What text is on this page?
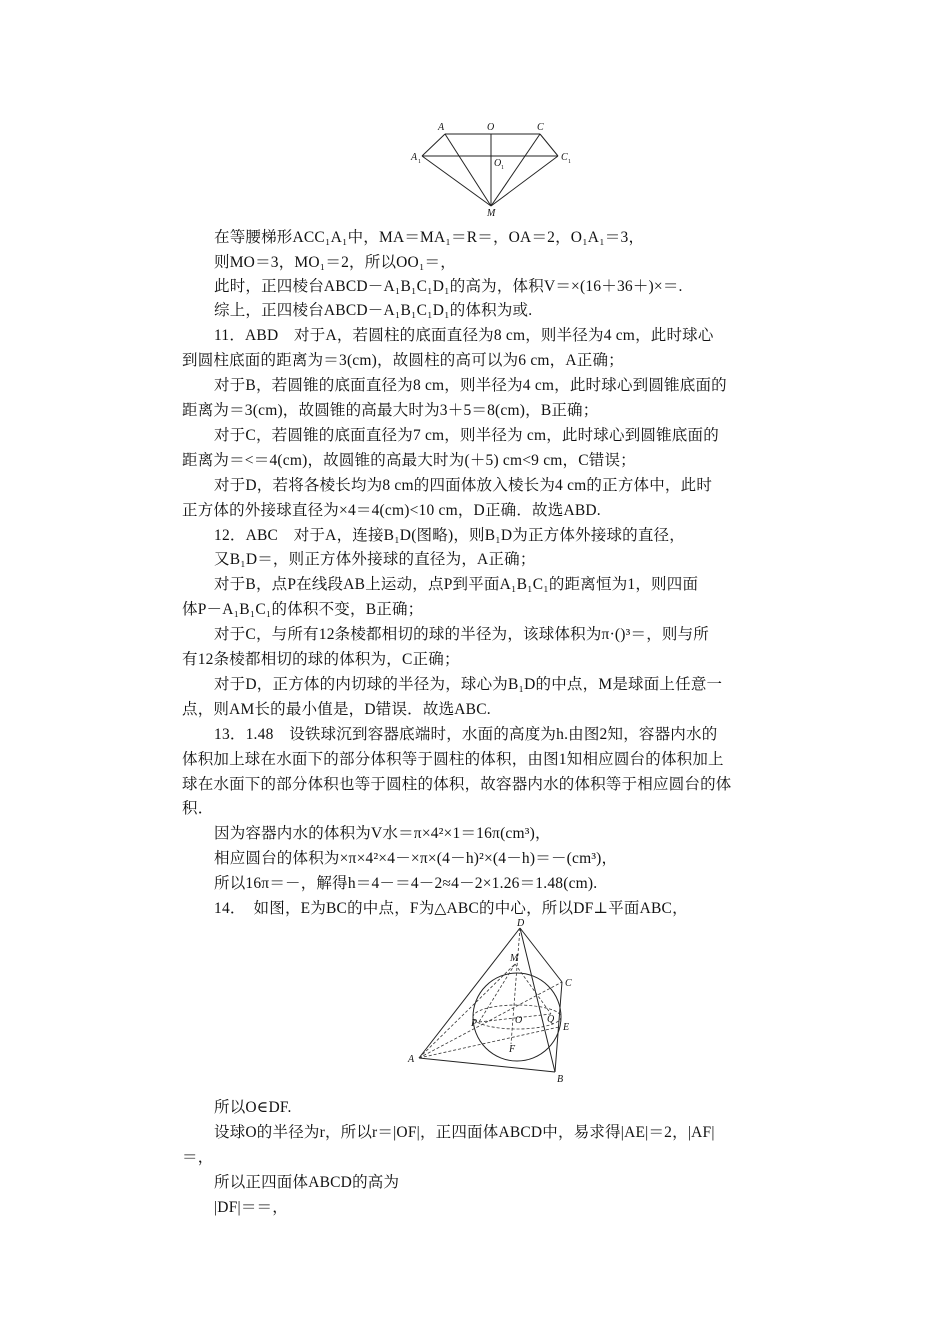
A	O	C
A 1	O 1
C 1
M
在等腰梯形ACC₁A₁中，MA＝MA₁＝R＝，OA＝2，O₁A₁＝3，
则MO＝3，MO₁＝2，所以OO₁＝，
此时，正四棱台ABCD－A₁B₁C₁D₁的高为，体积V＝×(16＋36＋)×＝.
综上，正四棱台ABCD－A₁B₁C₁D₁的体积为或.
11．ABD　对于A，若圆柱的底面直径为8 cm，则半径为4 cm，此时球心
到圆柱底面的距离为＝3(cm)，故圆柱的高可以为6 cm，A正确；
对于B，若圆锥的底面直径为8 cm，则半径为4 cm，此时球心到圆锥底面的
距离为＝3(cm)，故圆锥的高最大时为3＋5＝8(cm)，B正确；
对于C，若圆锥的底面直径为7 cm，则半径为 cm，此时球心到圆锥底面的
距离为＝<＝4(cm)，故圆锥的高最大时为(＋5) cm<9 cm，C错误；
对于D，若将各棱长均为8 cm的四面体放入棱长为4 cm的正方体中，此时
正方体的外接球直径为×4＝4(cm)<10 cm，D正确．故选ABD.
12．ABC　对于A，连接B₁D(图略)，则B₁D为正方体外接球的直径，
又B₁D＝，则正方体外接球的直径为，A正确；
对于B，点P在线段AB上运动，点P到平面A₁B₁C₁的距离恒为1，则四面
体P－A₁B₁C₁的体积不变，B正确；
对于C，与所有12条棱都相切的球的半径为，该球体积为π·()³＝，则与所
有12条棱都相切的球的体积为，C正确；
对于D，正方体的内切球的半径为，球心为B₁D的中点，M是球面上任意一
点，则AM长的最小值是，D错误．故选ABC.
13．1.48　设铁球沉到容器底端时，水面的高度为h.由图2知，容器内水的
体积加上球在水面下的部分体积等于圆柱的体积，由图1知相应圆台的体积加上
球在水面下的部分体积也等于圆柱的体积，故容器内水的体积等于相应圆台的体
积．
因为容器内水的体积为V水＝π×4²×1＝16π(cm³)，
相应圆台的体积为×π×4²×4－×π×(4－h)²×(4－h)＝－(cm³)，
所以16π＝－，解得h＝4－＝4－2≈4－2×1.26＝1.48(cm).
14．　如图，E为BC的中点，F为△ABC的中心，所以DF⊥平面ABC，
D
M
C
P	O Q
E
F
A
B
所以O∈DF.
设球O的半径为r，所以r＝|OF|，正四面体ABCD中，易求得|AE|＝2，|AF|
＝，
所以正四面体ABCD的高为
|DF|＝＝，
